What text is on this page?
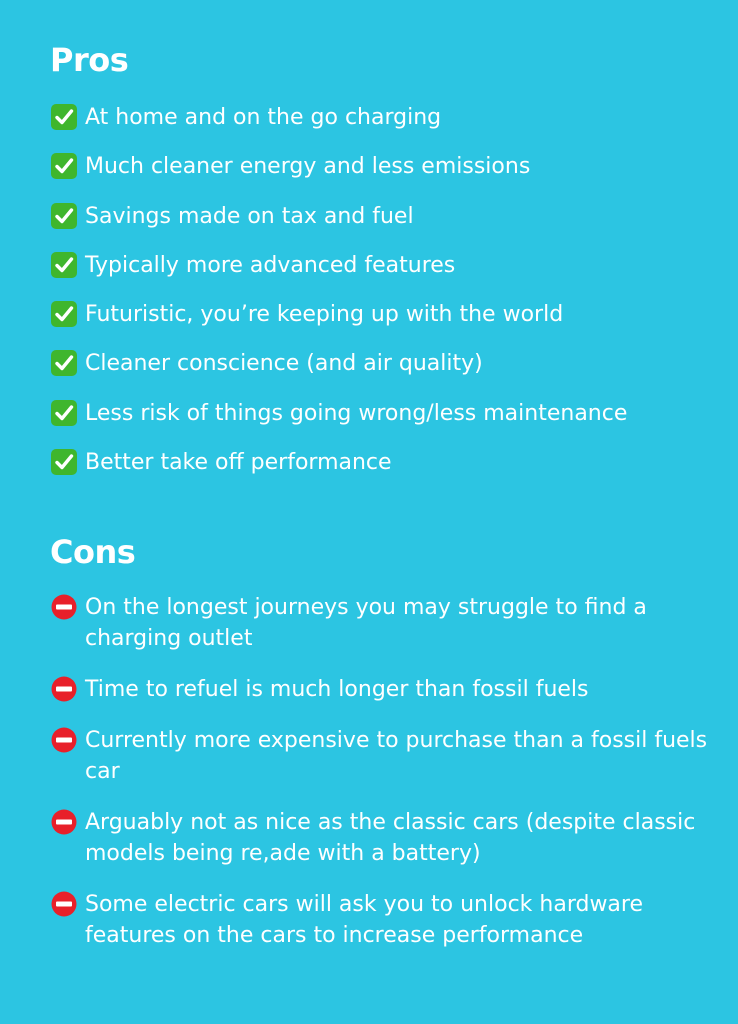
Pros
At home and on the go charging
Much cleaner energy and less emissions
Savings made on tax and fuel
Typically more advanced features
Futuristic, you’re keeping up with the world
Cleaner conscience (and air quality)
Less risk of things going wrong/less maintenance
Better take off performance
Cons
On the longest journeys you may struggle to find a charging outlet
Time to refuel is much longer than fossil fuels
Currently more expensive to purchase than a fossil fuels car
Arguably not as nice as the classic cars (despite classic models being re,ade with a battery)
Some electric cars will ask you to unlock hardware features on the cars to increase performance
